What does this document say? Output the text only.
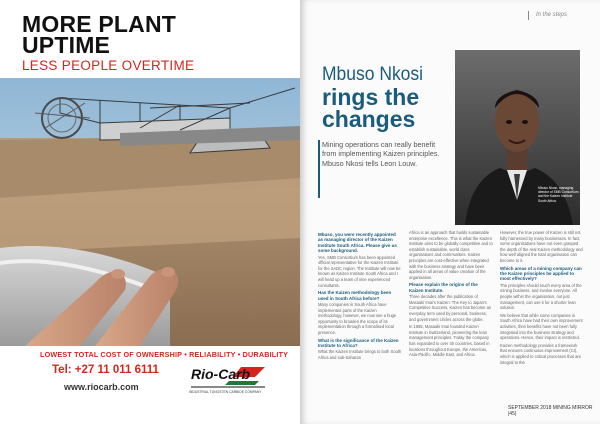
MORE PLANT
UPTIME
LESS PEOPLE OVERTIME
LOWEST TOTAL COST OF OWNERSHIP • RELIABILITY • DURABILITY
Tel: +27 11 011 6111
www.riocarb.com
Rio-Carb
INDUSTRIAL TUNGSTEN CARBIDE COMPANY
In the steps
Mbuso Nkosi
rings the
changes
Mbuso Nkosi, managing director of SMB Consortium and the Kaizen Institute South Africa.
Mining operations can really benefit from implementing Kaizen principles. Mbuso Nkosi tells Leon Louw.
Mbuso, you were recently appointed as managing director of the Kaizen Institute South Africa. Please give us some background.

Yes, SMB Consortium has been appointed official representative for the Kaizen Institute for the SADC region. The Institute will now be known as Kaizen Institute South Africa and I will head up a team of nine experienced consultants.

Has the Kaizen methodology been used in South Africa before?

Many companies in South Africa have implemented parts of the Kaizen methodology, however, we now see a huge opportunity to broaden the scope of its implementation through a formalised local presence.

What is the significance of the Kaizen Institute to Africa?

What the Kaizen Institute brings to both South Africa and sub-Saharan

Africa is an approach that builds sustainable enterprise excellence. This is what the Kaizen Institute aims to be globally competitive and to establish sustainable, world class organisations and communities. Kaizen principles are cost-effective when integrated with the business strategy and have been applied in all areas of value creation of the organisation.

Please explain the origins of the Kaizen Institute.

Three decades after the publication of Masaaki Imai's Kaizen: The Key to Japan's Competitive Success, Kaizen has become an everyday term used by personal, business, and government circles across the globe.

In 1985, Masaaki Imai founded Kaizen Institute in Switzerland, pioneering the lean management principles. Today the company has expanded to over 40 countries, based in locations throughout Europe, the Americas, Asia-Pacific, Middle East, and Africa.

However, the true power of Kaizen is still not fully harnessed by many businesses. In fact, some organisations have not even grasped the depth of the real Kaizen methodology and how well aligned the total organisation can become to it.

Which areas of a mining company can the Kaizen principles be applied to most effectively?

The principles should touch every area of the mining business, and involve everyone. All people within the organisation, not just management, can use it for a shorter lean solution.

We believe that while some companies in South Africa have had their own improvement activities, their benefits have not been fully integrated into the business strategy and operations. Hence, their impact is restricted.

Kaizen methodology provides a framework that ensures continuous improvement (CI), which is applied to critical processes that are integral to the

SEPTEMBER 2018 MINING MIRROR |45|
